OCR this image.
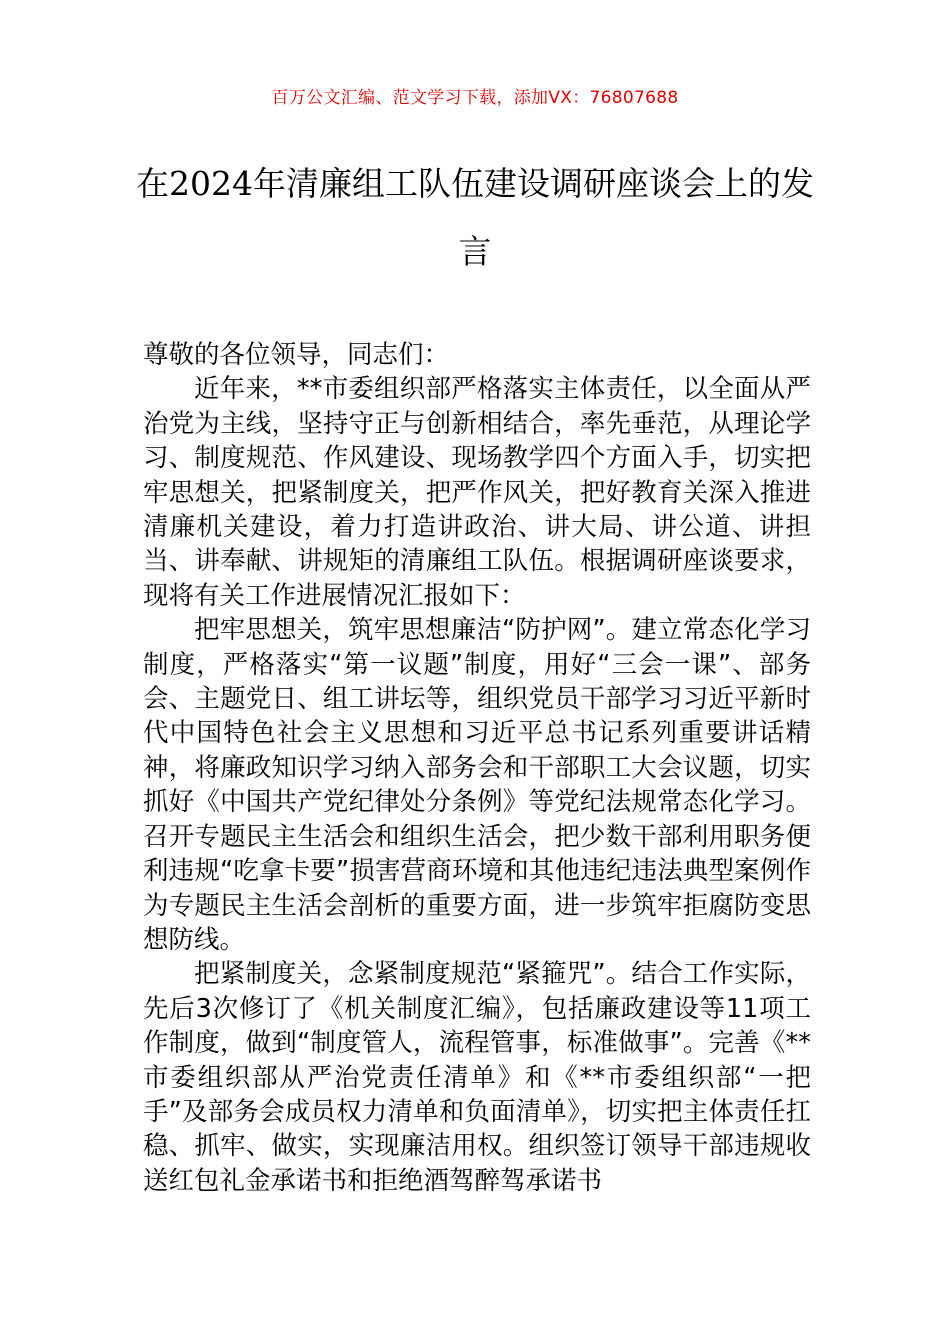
百万公文汇编、范文学习下载，添加VX：76807688
在2024年清廉组工队伍建设调研座谈会上的发言

尊敬的各位领导，同志们：

近年来，**市委组织部严格落实主体责任，以全面从严治党为主线，坚持守正与创新相结合，率先垂范，从理论学习、制度规范、作风建设、现场教学四个方面入手，切实把牢思想关，把紧制度关，把严作风关，把好教育关深入推进清廉机关建设，着力打造讲政治、讲大局、讲公道、讲担当、讲奉献、讲规矩的清廉组工队伍。根据调研座谈要求，现将有关工作进展情况汇报如下：

把牢思想关，筑牢思想廉洁“防护网”。建立常态化学习制度，严格落实“第一议题”制度，用好“三会一课”、部务会、主题党日、组工讲坛等，组织党员干部学习习近平新时代中国特色社会主义思想和习近平总书记系列重要讲话精神，将廉政知识学习纳入部务会和干部职工大会议题，切实抓好《中国共产党纪律处分条例》等党纪法规常态化学习。召开专题民主生活会和组织生活会，把少数干部利用职务便利违规“吃拿卡要”损害营商环境和其他违纪违法典型案例作为专题民主生活会剖析的重要方面，进一步筑牢拒腐防变思想防线。

把紧制度关，念紧制度规范“紧箍咒”。结合工作实际，先后3次修订了《机关制度汇编》，包括廉政建设等11项工作制度，做到“制度管人，流程管事，标准做事”。完善《**市委组织部从严治党责任清单》和《**市委组织部“一把手”及部务会成员权力清单和负面清单》，切实把主体责任扛稳、抓牢、做实，实现廉洁用权。组织签订领导干部违规收送红包礼金承诺书和拒绝酒驾醉驾承诺书
